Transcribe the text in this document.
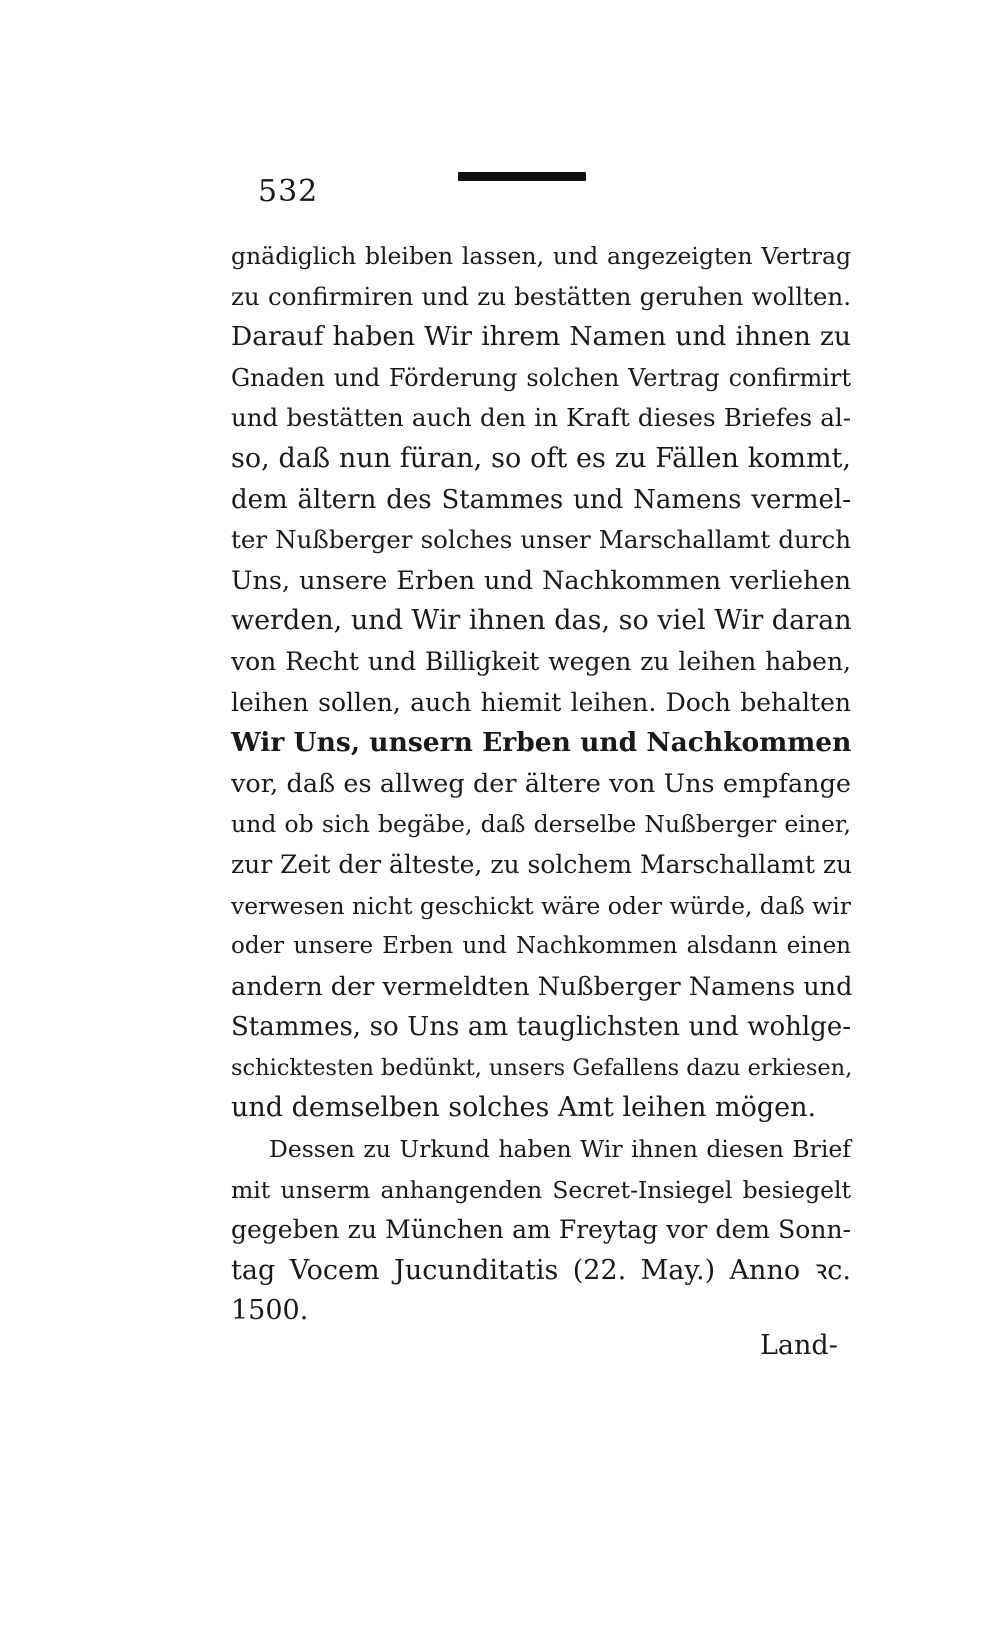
532
gnädiglich bleiben lassen, und angezeigten Vertrag
zu confirmiren und zu bestätten geruhen wollten.
Darauf haben Wir ihrem Namen und ihnen zu
Gnaden und Förderung solchen Vertrag confirmirt
und bestätten auch den in Kraft dieses Briefes al-
so, daß nun füran, so oft es zu Fällen kommt,
dem ältern des Stammes und Namens vermel-
ter Nußberger solches unser Marschallamt durch
Uns, unsere Erben und Nachkommen verliehen
werden, und Wir ihnen das, so viel Wir daran
von Recht und Billigkeit wegen zu leihen haben,
leihen sollen, auch hiemit leihen. Doch behalten
Wir Uns, unsern Erben und Nachkommen
vor, daß es allweg der ältere von Uns empfange
und ob sich begäbe, daß derselbe Nußberger einer,
zur Zeit der älteste, zu solchem Marschallamt zu
verwesen nicht geschickt wäre oder würde, daß wir
oder unsere Erben und Nachkommen alsdann einen
andern der vermeldten Nußberger Namens und
Stammes, so Uns am tauglichsten und wohlge-
schicktesten bedünkt, unsers Gefallens dazu erkiesen,
und demselben solches Amt leihen mögen.
Dessen zu Urkund haben Wir ihnen diesen Brief
mit unserm anhangenden Secret-Insiegel besiegelt
gegeben zu München am Freytag vor dem Sonn-
tag Vocem Jucunditatis (22. May.) Anno ꝛc.
1500.
Land-
